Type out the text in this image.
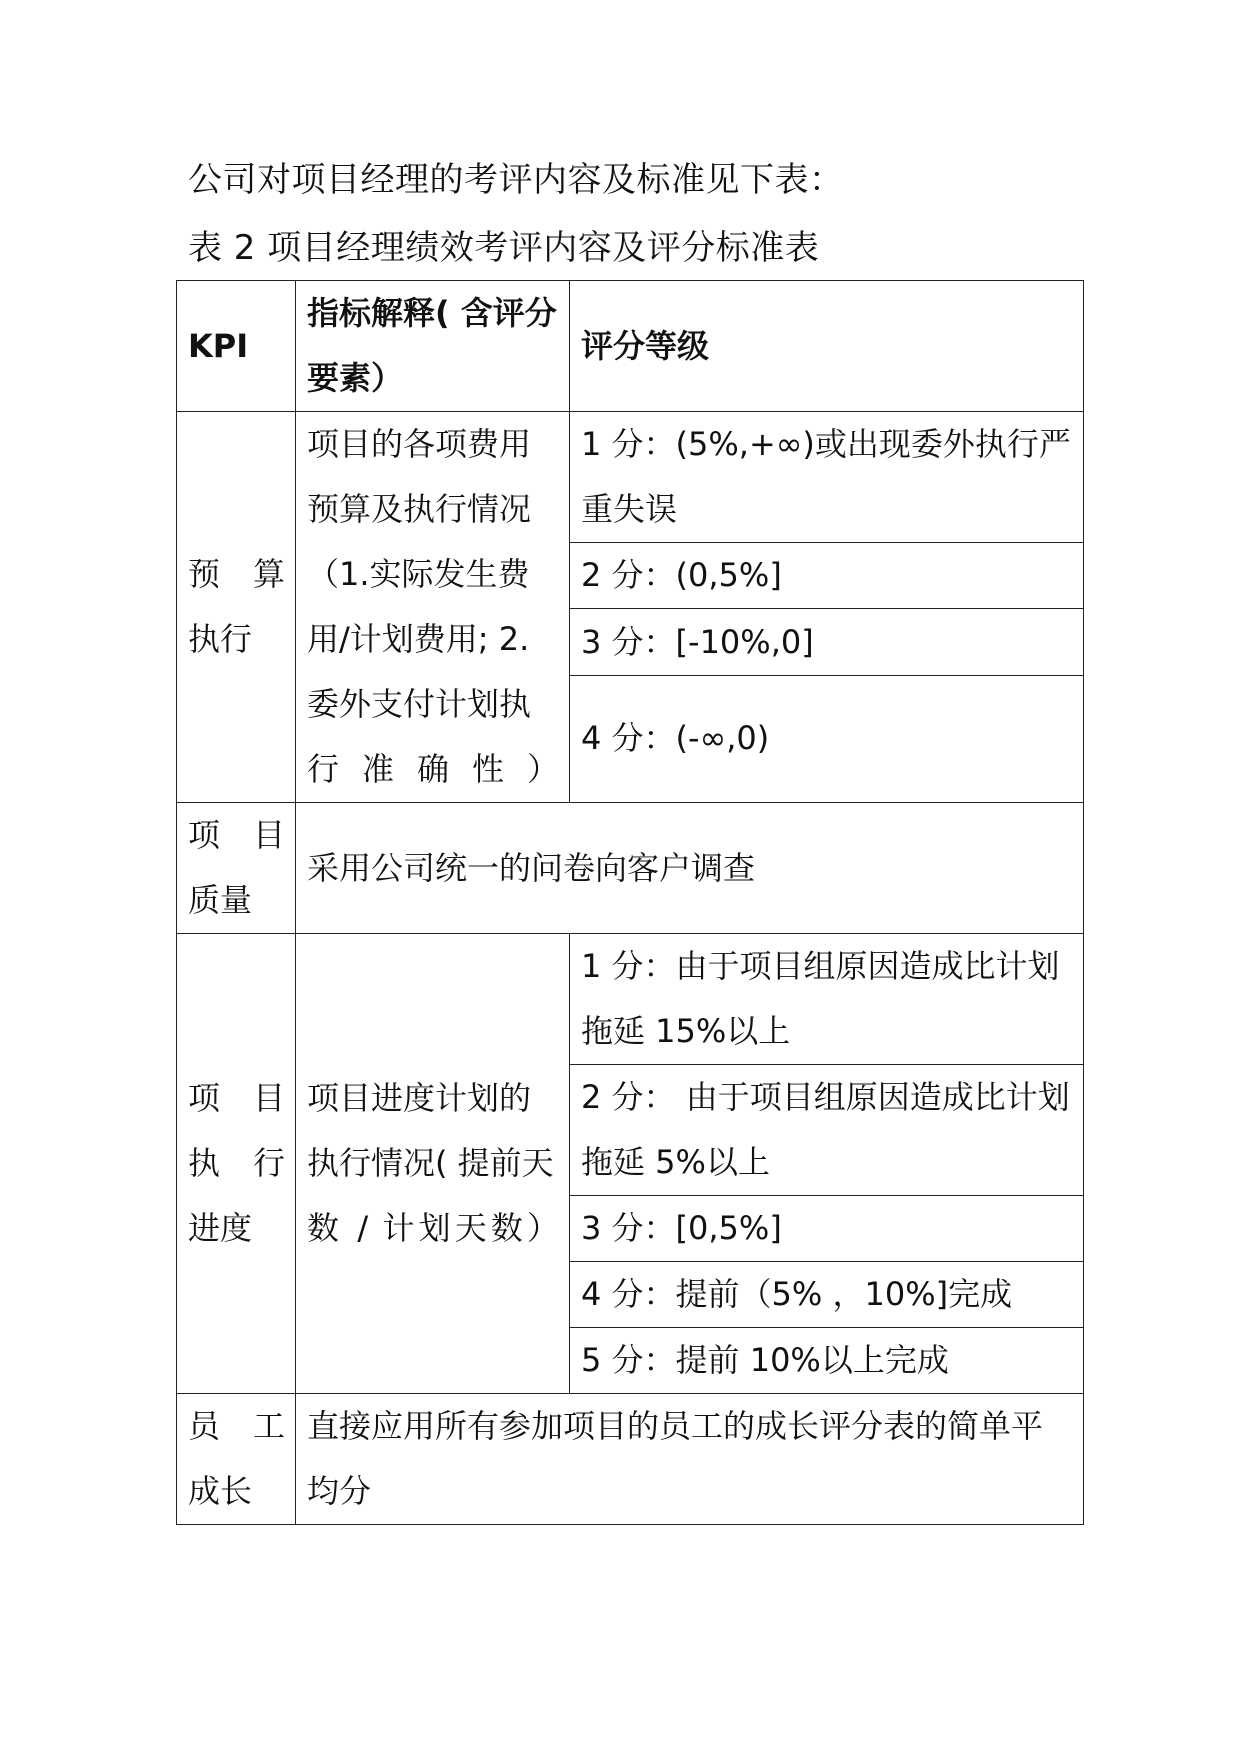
公司对项目经理的考评内容及标准见下表：
表 2 项目经理绩效考评内容及评分标准表
KPI	指标解释( 含评分要素）	评分等级

预 算
执行	项目的各项费用预算及执行情况（1.实际发生费用/计划费用; 2.委外支付计划执行准确性）	1 分：(5%,+∞)或出现委外执行严重失误
		2 分：(0,5%]
		3 分：[-10%,0]
		4 分：(-∞,0)

项 目
质量	采用公司统一的问卷向客户调查	

项 目
执 行
进度	项目进度计划的执行情况( 提前天数 / 计划天数）	1 分：由于项目组原因造成比计划拖延 15%以上
		2 分： 由于项目组原因造成比计划拖延 5%以上
		3 分：[0,5%]
		4 分：提前（5% ，10%]完成
		5 分：提前 10%以上完成

员 工
成长	直接应用所有参加项目的员工的成长评分表的简单平均分	
